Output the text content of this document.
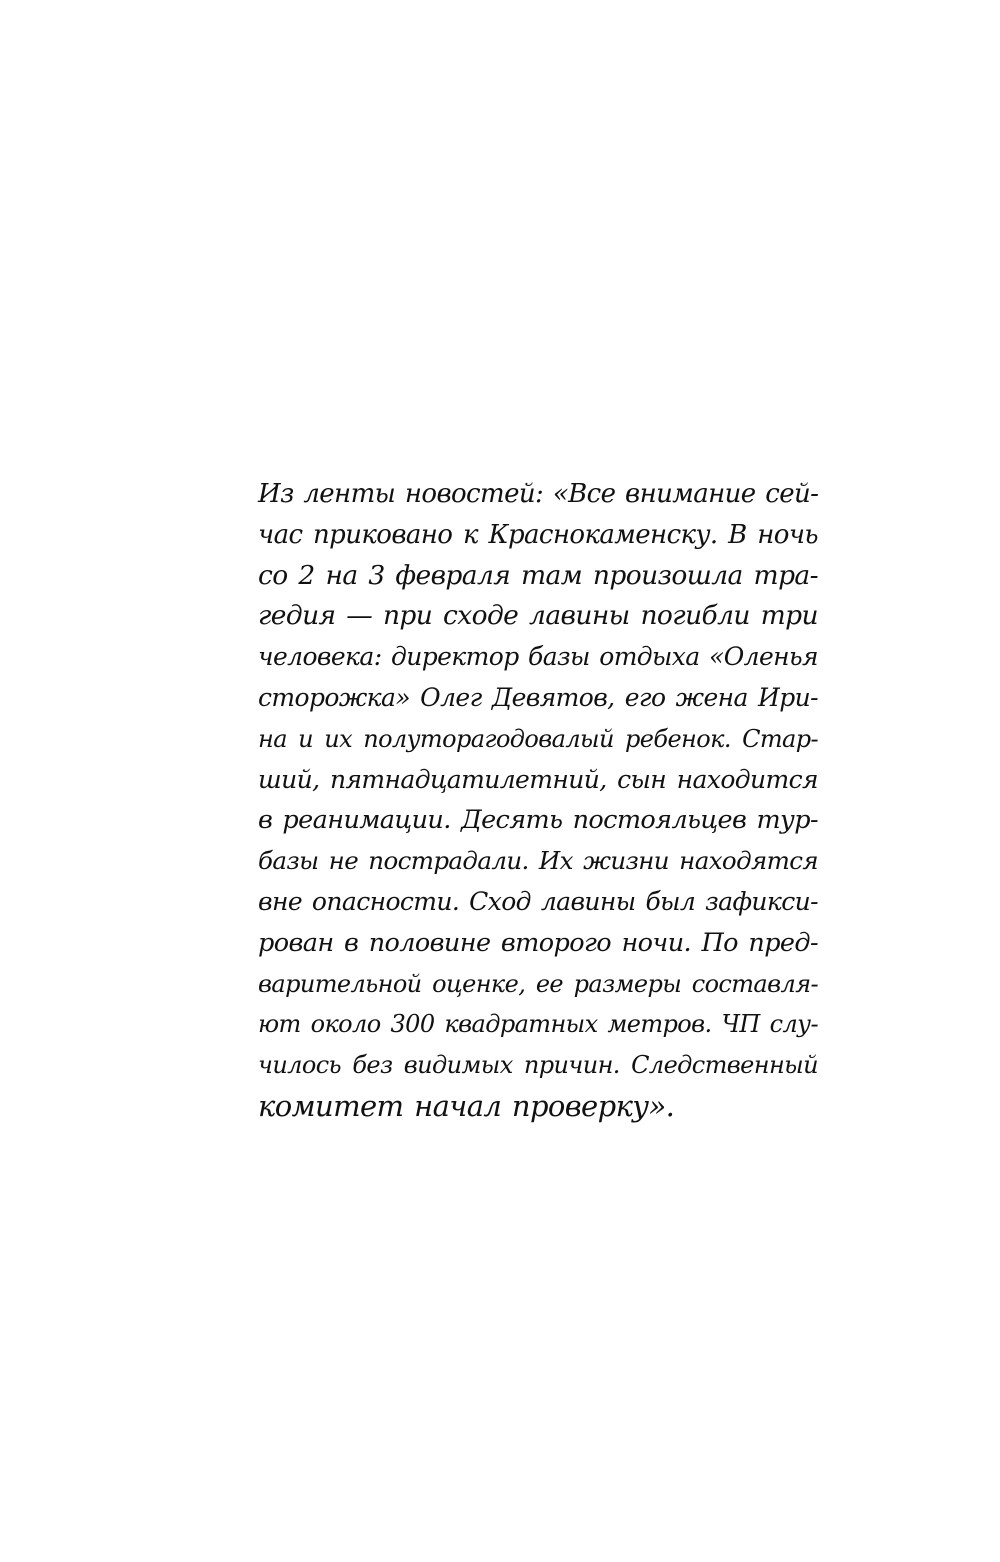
Из ленты новостей: «Все внимание сей-
час приковано к Краснокаменску. В ночь
со 2 на 3 февраля там произошла тра-
гедия — при сходе лавины погибли три
человека: директор базы отдыха «Оленья
сторожка» Олег Девятов, его жена Ири-
на и их полуторагодовалый ребенок. Стар-
ший, пятнадцатилетний, сын находится
в реанимации. Десять постояльцев тур-
базы не пострадали. Их жизни находятся
вне опасности. Сход лавины был зафикси-
рован в половине второго ночи. По пред-
варительной оценке, ее размеры составля-
ют около 300 квадратных метров. ЧП слу-
чилось без видимых причин. Следственный
комитет начал проверку».
